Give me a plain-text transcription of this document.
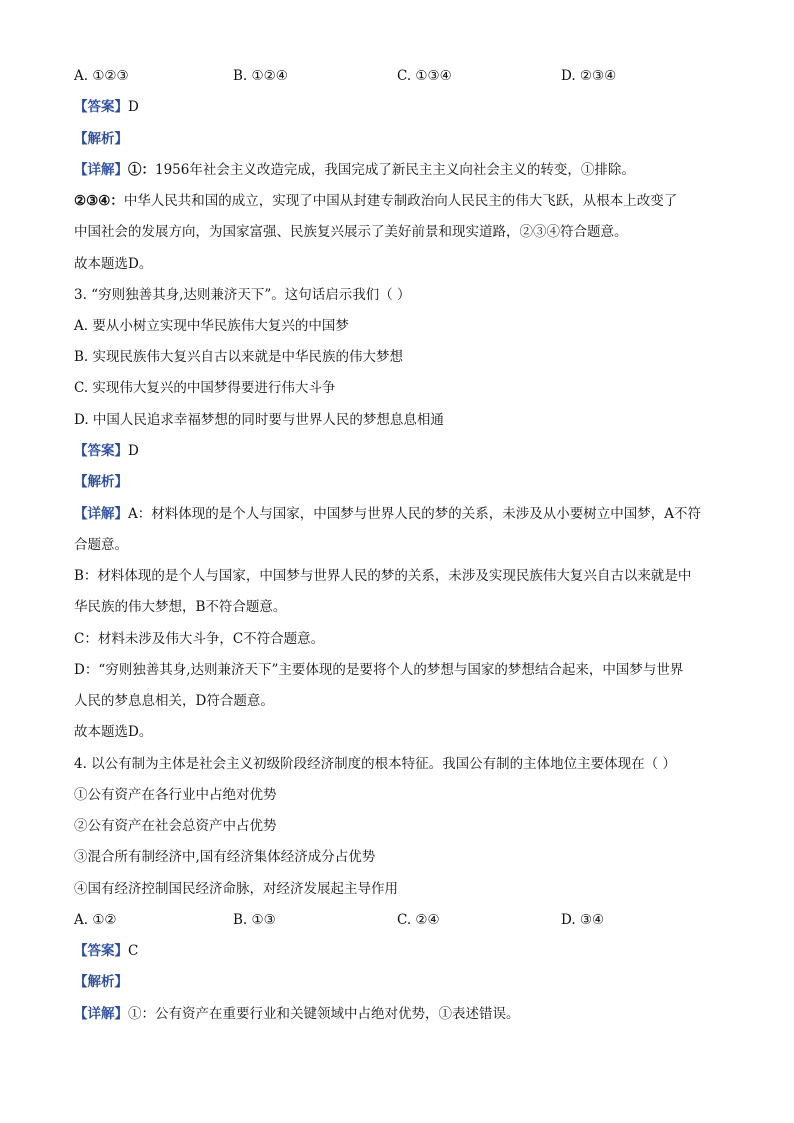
A. ①②③	B. ①②④	C. ①③④	D. ②③④
【答案】D
【解析】
【详解】①：1956年社会主义改造完成，我国完成了新民主主义向社会主义的转变，①排除。
②③④：中华人民共和国的成立，实现了中国从封建专制政治向人民民主的伟大飞跃，从根本上改变了
中国社会的发展方向，为国家富强、民族复兴展示了美好前景和现实道路，②③④符合题意。
故本题选D。
3. “穷则独善其身,达则兼济天下”。这句话启示我们（ ）
A. 要从小树立实现中华民族伟大复兴的中国梦
B. 实现民族伟大复兴自古以来就是中华民族的伟大梦想
C. 实现伟大复兴的中国梦得要进行伟大斗争
D. 中国人民追求幸福梦想的同时要与世界人民的梦想息息相通
【答案】D
【解析】
【详解】A：材料体现的是个人与国家，中国梦与世界人民的梦的关系，未涉及从小要树立中国梦，A不符
合题意。
B：材料体现的是个人与国家，中国梦与世界人民的梦的关系，未涉及实现民族伟大复兴自古以来就是中
华民族的伟大梦想，B不符合题意。
C：材料未涉及伟大斗争，C不符合题意。
D：“穷则独善其身,达则兼济天下”主要体现的是要将个人的梦想与国家的梦想结合起来，中国梦与世界
人民的梦息息相关，D符合题意。
故本题选D。
4. 以公有制为主体是社会主义初级阶段经济制度的根本特征。我国公有制的主体地位主要体现在（ ）
①公有资产在各行业中占绝对优势
②公有资产在社会总资产中占优势
③混合所有制经济中,国有经济集体经济成分占优势
④国有经济控制国民经济命脉，对经济发展起主导作用
A. ①②	B. ①③	C. ②④	D. ③④
【答案】C
【解析】
【详解】①：公有资产在重要行业和关键领域中占绝对优势，①表述错误。
